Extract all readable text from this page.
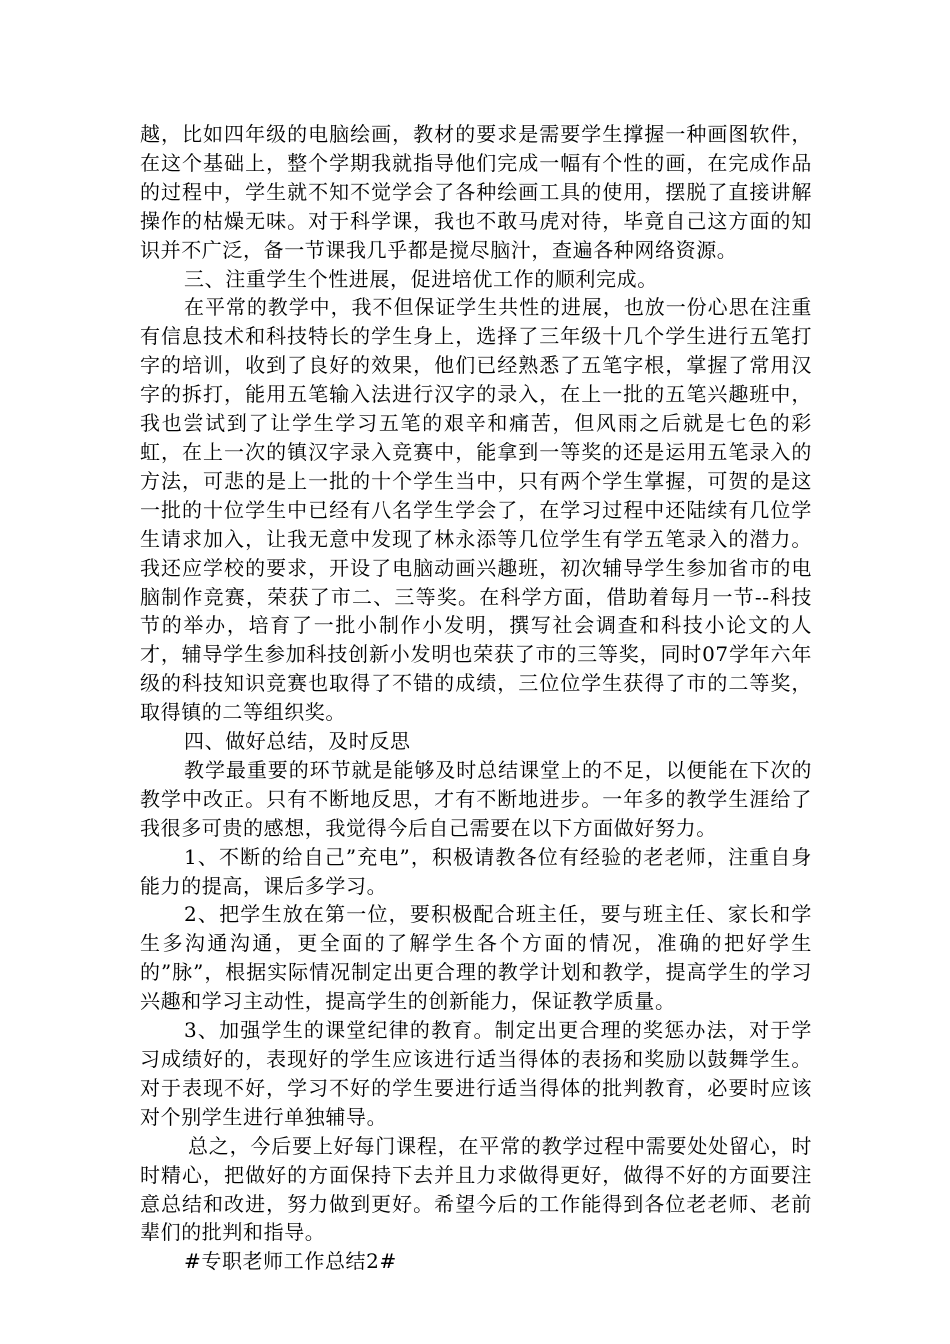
越，比如四年级的电脑绘画，教材的要求是需要学生撑握一种画图软件，在这个基础上，整个学期我就指导他们完成一幅有个性的画，在完成作品的过程中，学生就不知不觉学会了各种绘画工具的使用，摆脱了直接讲解操作的枯燥无味。对于科学课，我也不敢马虎对待，毕竟自己这方面的知识并不广泛，备一节课我几乎都是搅尽脑汁，查遍各种网络资源。

三、注重学生个性进展，促进培优工作的顺利完成。

在平常的教学中，我不但保证学生共性的进展，也放一份心思在注重有信息技术和科技特长的学生身上，选择了三年级十几个学生进行五笔打字的培训，收到了良好的效果，他们已经熟悉了五笔字根，掌握了常用汉字的拆打，能用五笔输入法进行汉字的录入，在上一批的五笔兴趣班中，我也尝试到了让学生学习五笔的艰辛和痛苦，但风雨之后就是七色的彩虹，在上一次的镇汉字录入竞赛中，能拿到一等奖的还是运用五笔录入的方法，可悲的是上一批的十个学生当中，只有两个学生掌握，可贺的是这一批的十位学生中已经有八名学生学会了，在学习过程中还陆续有几位学生请求加入，让我无意中发现了林永添等几位学生有学五笔录入的潜力。我还应学校的要求，开设了电脑动画兴趣班，初次辅导学生参加省市的电脑制作竞赛，荣获了市二、三等奖。在科学方面，借助着每月一节--科技节的举办，培育了一批小制作小发明，撰写社会调查和科技小论文的人才，辅导学生参加科技创新小发明也荣获了市的三等奖，同时07学年六年级的科技知识竞赛也取得了不错的成绩，三位位学生获得了市的二等奖，取得镇的二等组织奖。

四、做好总结，及时反思

教学最重要的环节就是能够及时总结课堂上的不足，以便能在下次的教学中改正。只有不断地反思，才有不断地进步。一年多的教学生涯给了我很多可贵的感想，我觉得今后自己需要在以下方面做好努力。

1、不断的给自己”充电”，积极请教各位有经验的老老师，注重自身能力的提高，课后多学习。

2、把学生放在第一位，要积极配合班主任，要与班主任、家长和学生多沟通沟通，更全面的了解学生各个方面的情况，准确的把好学生的”脉”，根据实际情况制定出更合理的教学计划和教学，提高学生的学习兴趣和学习主动性，提高学生的创新能力，保证教学质量。

3、加强学生的课堂纪律的教育。制定出更合理的奖惩办法，对于学习成绩好的，表现好的学生应该进行适当得体的表扬和奖励以鼓舞学生。对于表现不好，学习不好的学生要进行适当得体的批判教育，必要时应该对个别学生进行单独辅导。

总之，今后要上好每门课程，在平常的教学过程中需要处处留心，时时精心，把做好的方面保持下去并且力求做得更好，做得不好的方面要注意总结和改进，努力做到更好。希望今后的工作能得到各位老老师、老前辈们的批判和指导。

#专职老师工作总结2#
